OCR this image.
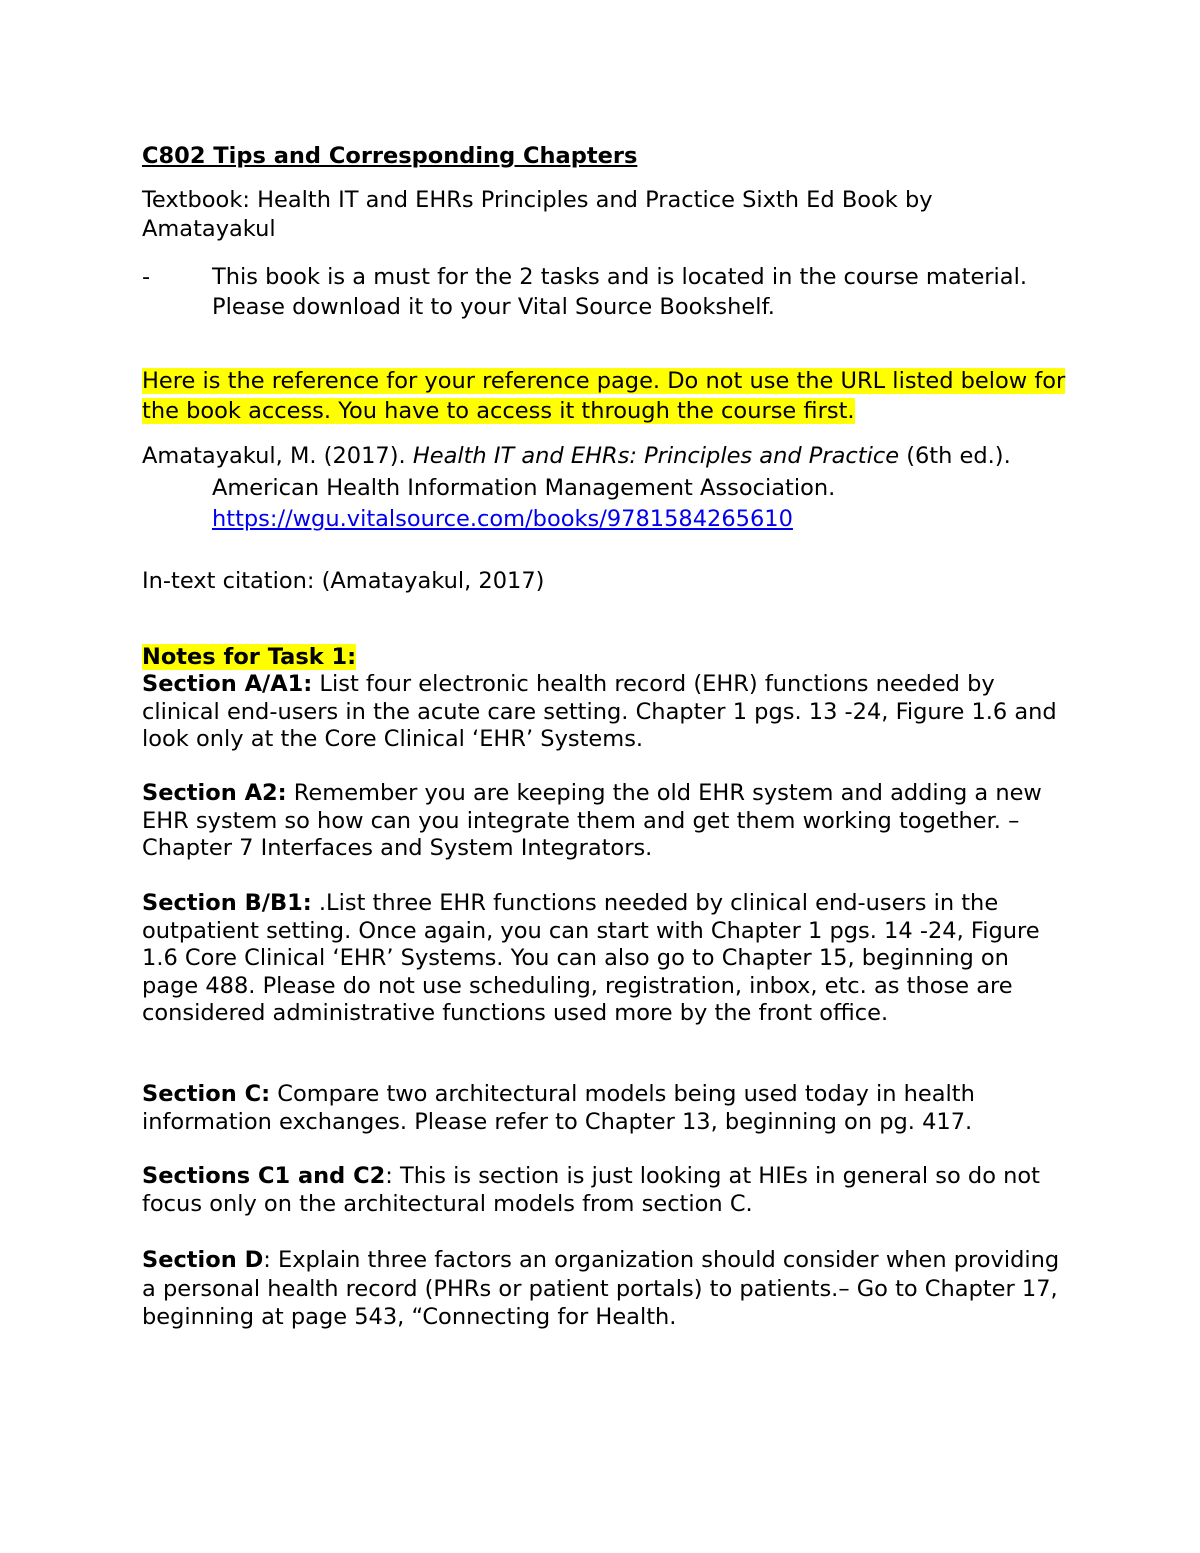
C802 Tips and Corresponding Chapters

Textbook: Health IT and EHRs Principles and Practice Sixth Ed Book by Amatayakul

-	This book is a must for the 2 tasks and is located in the course material. Please download it to your Vital Source Bookshelf.

Here is the reference for your reference page. Do not use the URL listed below for the book access. You have to access it through the course first.

Amatayakul, M. (2017). Health IT and EHRs: Principles and Practice (6th ed.). American Health Information Management Association. https://wgu.vitalsource.com/books/9781584265610

In-text citation: (Amatayakul, 2017)

Notes for Task 1:

Section A/A1: List four electronic health record (EHR) functions needed by clinical end-users in the acute care setting. Chapter 1 pgs. 13 -24, Figure 1.6 and look only at the Core Clinical ‘EHR’ Systems.

Section A2: Remember you are keeping the old EHR system and adding a new EHR system so how can you integrate them and get them working together. – Chapter 7 Interfaces and System Integrators.

Section B/B1: .List three EHR functions needed by clinical end-users in the outpatient setting. Once again, you can start with Chapter 1 pgs. 14 -24, Figure 1.6 Core Clinical ‘EHR’ Systems. You can also go to Chapter 15, beginning on page 488. Please do not use scheduling, registration, inbox, etc. as those are considered administrative functions used more by the front office.

Section C: Compare two architectural models being used today in health information exchanges. Please refer to Chapter 13, beginning on pg. 417.

Sections C1 and C2: This is section is just looking at HIEs in general so do not focus only on the architectural models from section C.

Section D: Explain three factors an organization should consider when providing a personal health record (PHRs or patient portals) to patients.– Go to Chapter 17, beginning at page 543, “Connecting for Health.
